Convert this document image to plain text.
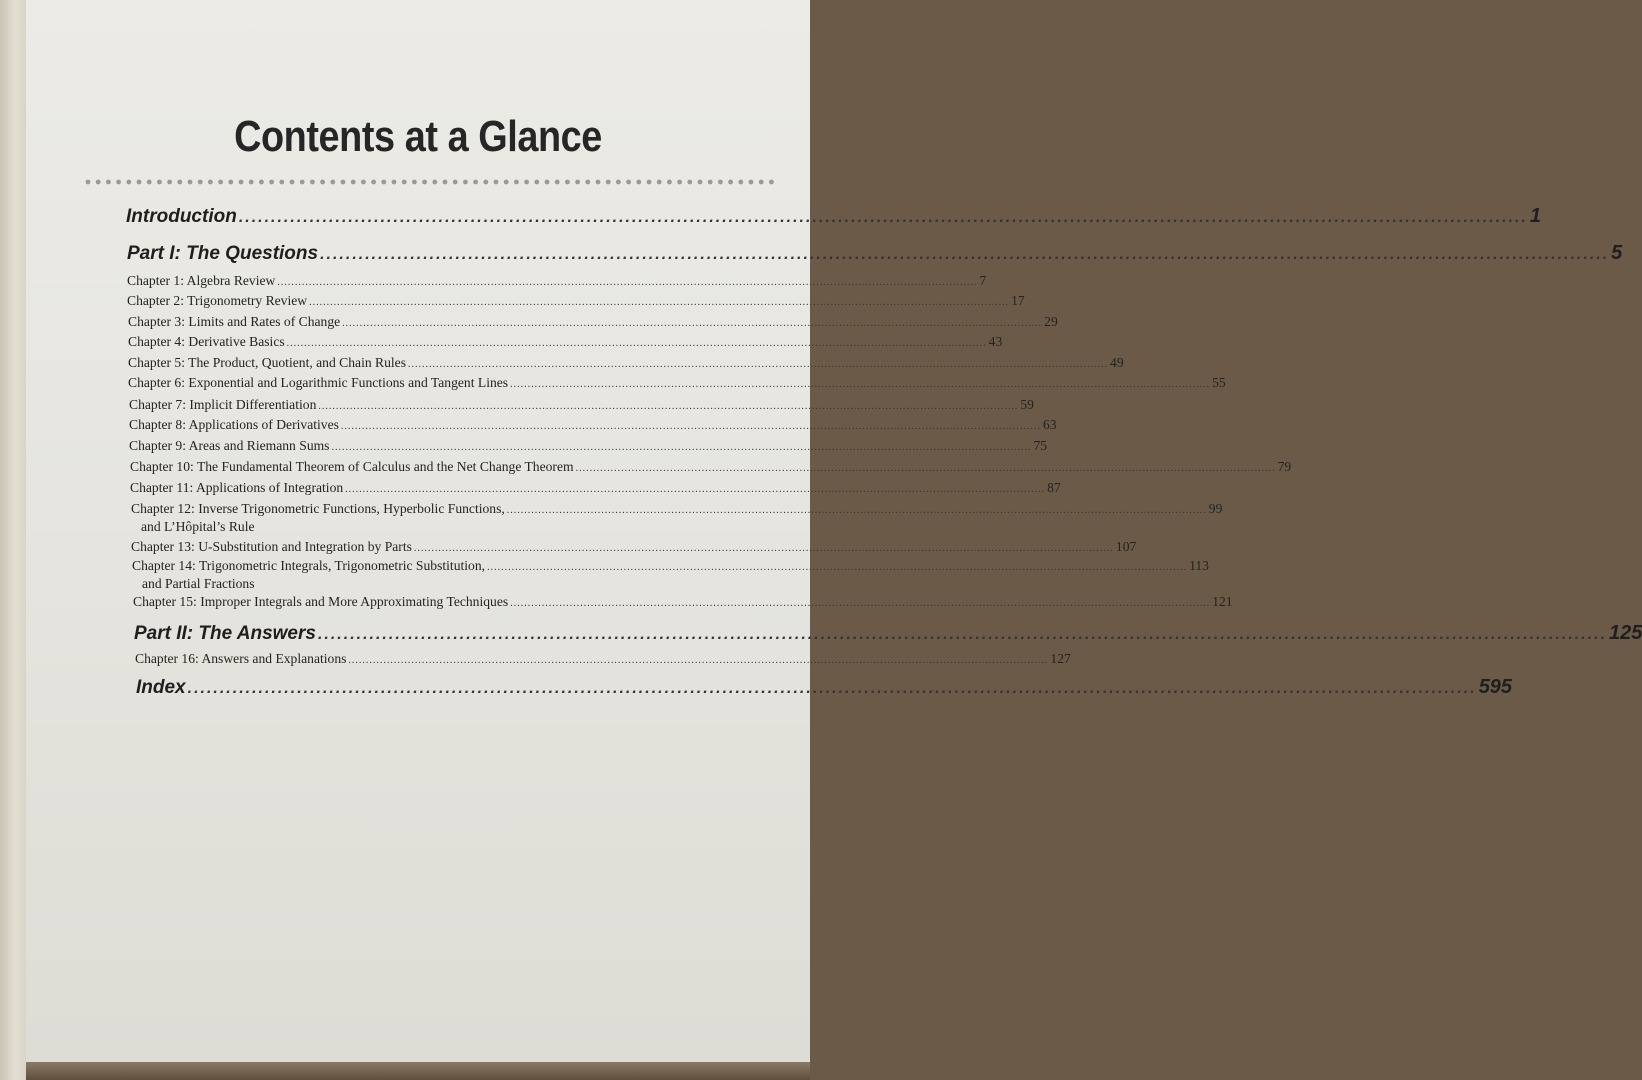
Contents at a Glance
Introduction ........................................................................................................................................................................................................ 1
Part I: The Questions ........................................................................................................................................................................................................ 5
Chapter 1: Algebra Review ........................................................................................................................................................................................................ 7
Chapter 2: Trigonometry Review ........................................................................................................................................................................................................ 17
Chapter 3: Limits and Rates of Change ........................................................................................................................................................................................................ 29
Chapter 4: Derivative Basics ........................................................................................................................................................................................................ 43
Chapter 5: The Product, Quotient, and Chain Rules ........................................................................................................................................................................................................ 49
Chapter 6: Exponential and Logarithmic Functions and Tangent Lines ........................................................................................................................................................................................................ 55
Chapter 7: Implicit Differentiation ........................................................................................................................................................................................................ 59
Chapter 8: Applications of Derivatives ........................................................................................................................................................................................................ 63
Chapter 9: Areas and Riemann Sums ........................................................................................................................................................................................................ 75
Chapter 10: The Fundamental Theorem of Calculus and the Net Change Theorem ........................................................................................................................................................................................................ 79
Chapter 11: Applications of Integration ........................................................................................................................................................................................................ 87
Chapter 12: Inverse Trigonometric Functions, Hyperbolic Functions,
and L’Hôpital’s Rule
........................................................................................................................................................................................................ 99
Chapter 13: U-Substitution and Integration by Parts ........................................................................................................................................................................................................ 107
Chapter 14: Trigonometric Integrals, Trigonometric Substitution,
and Partial Fractions
........................................................................................................................................................................................................ 113
Chapter 15: Improper Integrals and More Approximating Techniques ........................................................................................................................................................................................................ 121
Part II: The Answers ........................................................................................................................................................................................................ 125
Chapter 16: Answers and Explanations ........................................................................................................................................................................................................ 127
Index ........................................................................................................................................................................................................ 595
